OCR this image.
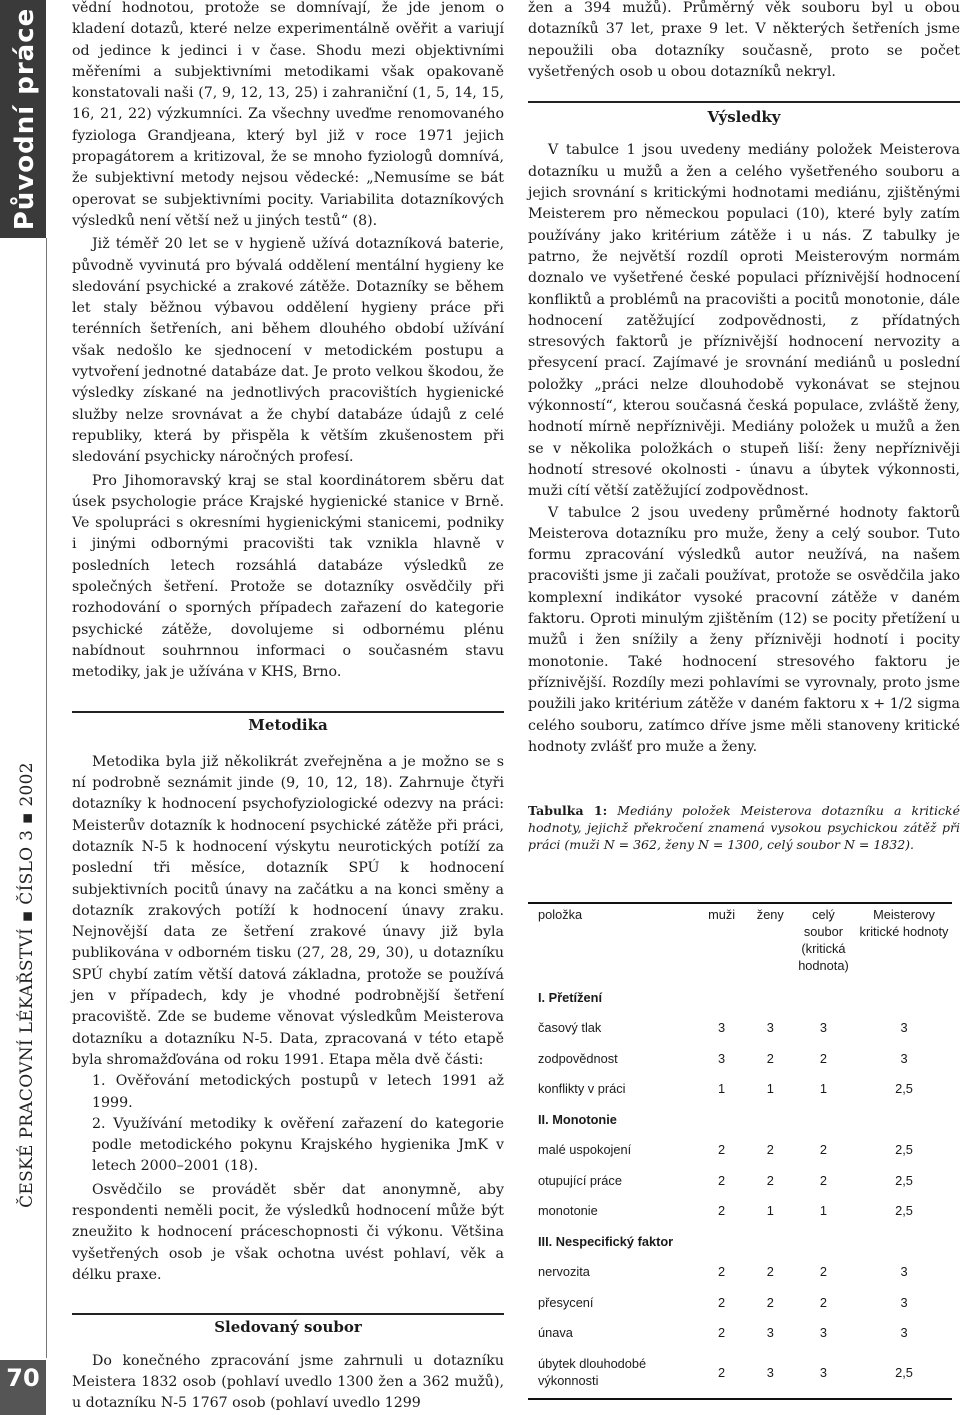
Původní práce
ČESKÉ PRACOVNÍ LÉKAŘSTVÍ ▪ ČÍSLO 3 ▪ 2002
70

vědní hodnotou, protože se domnívají, že jde jenom o kladení dotazů, které nelze experimentálně ověřit a variují od jedince k jedinci i v čase. Shodu mezi objektivními měřeními a subjektivními metodikami však opakovaně konstatovali naši (7, 9, 12, 13, 25) i zahraniční (1, 5, 14, 15, 16, 21, 22) výzkumníci. Za všechny uveďme renomovaného fyziologa Grandjeana, který byl již v roce 1971 jejich propagátorem a kritizoval, že se mnoho fyziologů domnívá, že subjektivní metody nejsou vědecké: „Nemusíme se bát operovat se subjektivními pocity. Variabilita dotazníkových výsledků není větší než u jiných testů“ (8).

Již téměř 20 let se v hygieně užívá dotazníková baterie, původně vyvinutá pro bývalá oddělení mentální hygieny ke sledování psychické a zrakové zátěže. Dotazníky se během let staly běžnou výbavou oddělení hygieny práce při terénních šetřeních, ani během dlouhého období užívání však nedošlo ke sjednocení v metodickém postupu a vytvoření jednotné databáze dat. Je proto velkou škodou, že výsledky získané na jednotlivých pracovištích hygienické služby nelze srovnávat a že chybí databáze údajů z celé republiky, která by přispěla k větším zkušenostem při sledování psychicky náročných profesí.

Pro Jihomoravský kraj se stal koordinátorem sběru dat úsek psychologie práce Krajské hygienické stanice v Brně. Ve spolupráci s okresními hygienickými stanicemi, podniky i jinými odbornými pracovišti tak vznikla hlavně v posledních letech rozsáhlá databáze výsledků ze společných šetření. Protože se dotazníky osvědčily při rozhodování o sporných případech zařazení do kategorie psychické zátěže, dovolujeme si odbornému plénu nabídnout souhrnnou informaci o současném stavu metodiky, jak je užívána v KHS, Brno.

Metodika

Metodika byla již několikrát zveřejněna a je možno se s ní podrobně seznámit jinde (9, 10, 12, 18). Zahrnuje čtyři dotazníky k hodnocení psychofyziologické odezvy na práci: Meisterův dotazník k hodnocení psychické zátěže při práci, dotazník N-5 k hodnocení výskytu neurotických potíží za poslední tři měsíce, dotazník SPÚ k hodnocení subjektivních pocitů únavy na začátku a na konci směny a dotazník zrakových potíží k hodnocení únavy zraku. Nejnovější data ze šetření zrakové únavy již byla publikována v odborném tisku (27, 28, 29, 30), u dotazníku SPÚ chybí zatím větší datová základna, protože se používá jen v případech, kdy je vhodné podrobnější šetření pracoviště. Zde se budeme věnovat výsledkům Meisterova dotazníku a dotazníku N-5. Data, zpracovaná v této etapě byla shromažďována od roku 1991. Etapa měla dvě části:

1. Ověřování metodických postupů v letech 1991 až 1999.

2. Využívání metodiky k ověření zařazení do kategorie podle metodického pokynu Krajského hygienika JmK v letech 2000–2001 (18).

Osvědčilo se provádět sběr dat anonymně, aby respondenti neměli pocit, že výsledků hodnocení může být zneužito k hodnocení práceschopnosti či výkonu. Většina vyšetřených osob je však ochotna uvést pohlaví, věk a délku praxe.

Sledovaný soubor

Do konečného zpracování jsme zahrnuli u dotazníku Meistera 1832 osob (pohlaví uvedlo 1300 žen a 362 mužů), u dotazníku N-5 1767 osob (pohlaví uvedlo 1299

žen a 394 mužů). Průměrný věk souboru byl u obou dotazníků 37 let, praxe 9 let. V některých šetřeních jsme nepoužili oba dotazníky současně, proto se počet vyšetřených osob u obou dotazníků nekryl.

Výsledky

V tabulce 1 jsou uvedeny mediány položek Meisterova dotazníku u mužů a žen a celého vyšetřeného souboru a jejich srovnání s kritickými hodnotami mediánu, zjištěnými Meisterem pro německou populaci (10), které byly zatím používány jako kritérium zátěže i u nás. Z tabulky je patrno, že největší rozdíl oproti Meisterovým normám doznalo ve vyšetřené české populaci příznivější hodnocení konfliktů a problémů na pracovišti a pocitů monotonie, dále hodnocení zatěžující zodpovědnosti, z přídatných stresových faktorů je příznivější hodnocení nervozity a přesycení prací. Zajímavé je srovnání mediánů u poslední položky „práci nelze dlouhodobě vykonávat se stejnou výkonností“, kterou současná česká populace, zvláště ženy, hodnotí mírně nepříznivěji. Mediány položek u mužů a žen se v několika položkách o stupeň liší: ženy nepříznivěji hodnotí stresové okolnosti - únavu a úbytek výkonnosti, muži cítí větší zatěžující zodpovědnost.

V tabulce 2 jsou uvedeny průměrné hodnoty faktorů Meisterova dotazníku pro muže, ženy a celý soubor. Tuto formu zpracování výsledků autor neužívá, na našem pracovišti jsme ji začali používat, protože se osvědčila jako komplexní indikátor vysoké pracovní zátěže v daném faktoru. Oproti minulým zjištěním (12) se pocity přetížení u mužů i žen snížily a ženy příznivěji hodnotí i pocity monotonie. Také hodnocení stresového faktoru je příznivější. Rozdíly mezi pohlavími se vyrovnaly, proto jsme použili jako kritérium zátěže v daném faktoru x + 1/2 sigma celého souboru, zatímco dříve jsme měli stanoveny kritické hodnoty zvlášť pro muže a ženy.

Tabulka 1: Mediány položek Meisterova dotazníku a kritické hodnoty, jejichž překročení znamená vysokou psychickou zátěž při práci (muži N = 362, ženy N = 1300, celý soubor N = 1832).

položka	muži	ženy	celý soubor (kritická hodnota)	Meisterovy kritické hodnoty
I. Přetížení				
časový tlak	3	3	3	3
zodpovědnost	3	2	2	3
konflikty v práci	1	1	1	2,5
II. Monotonie				
malé uspokojení	2	2	2	2,5
otupující práce	2	2	2	2,5
monotonie	2	1	1	2,5
III. Nespecifický faktor				
nervozita	2	2	2	3
přesycení	2	2	2	3
únava	2	3	3	3
úbytek dlouhodobé výkonnosti	2	3	3	2,5
